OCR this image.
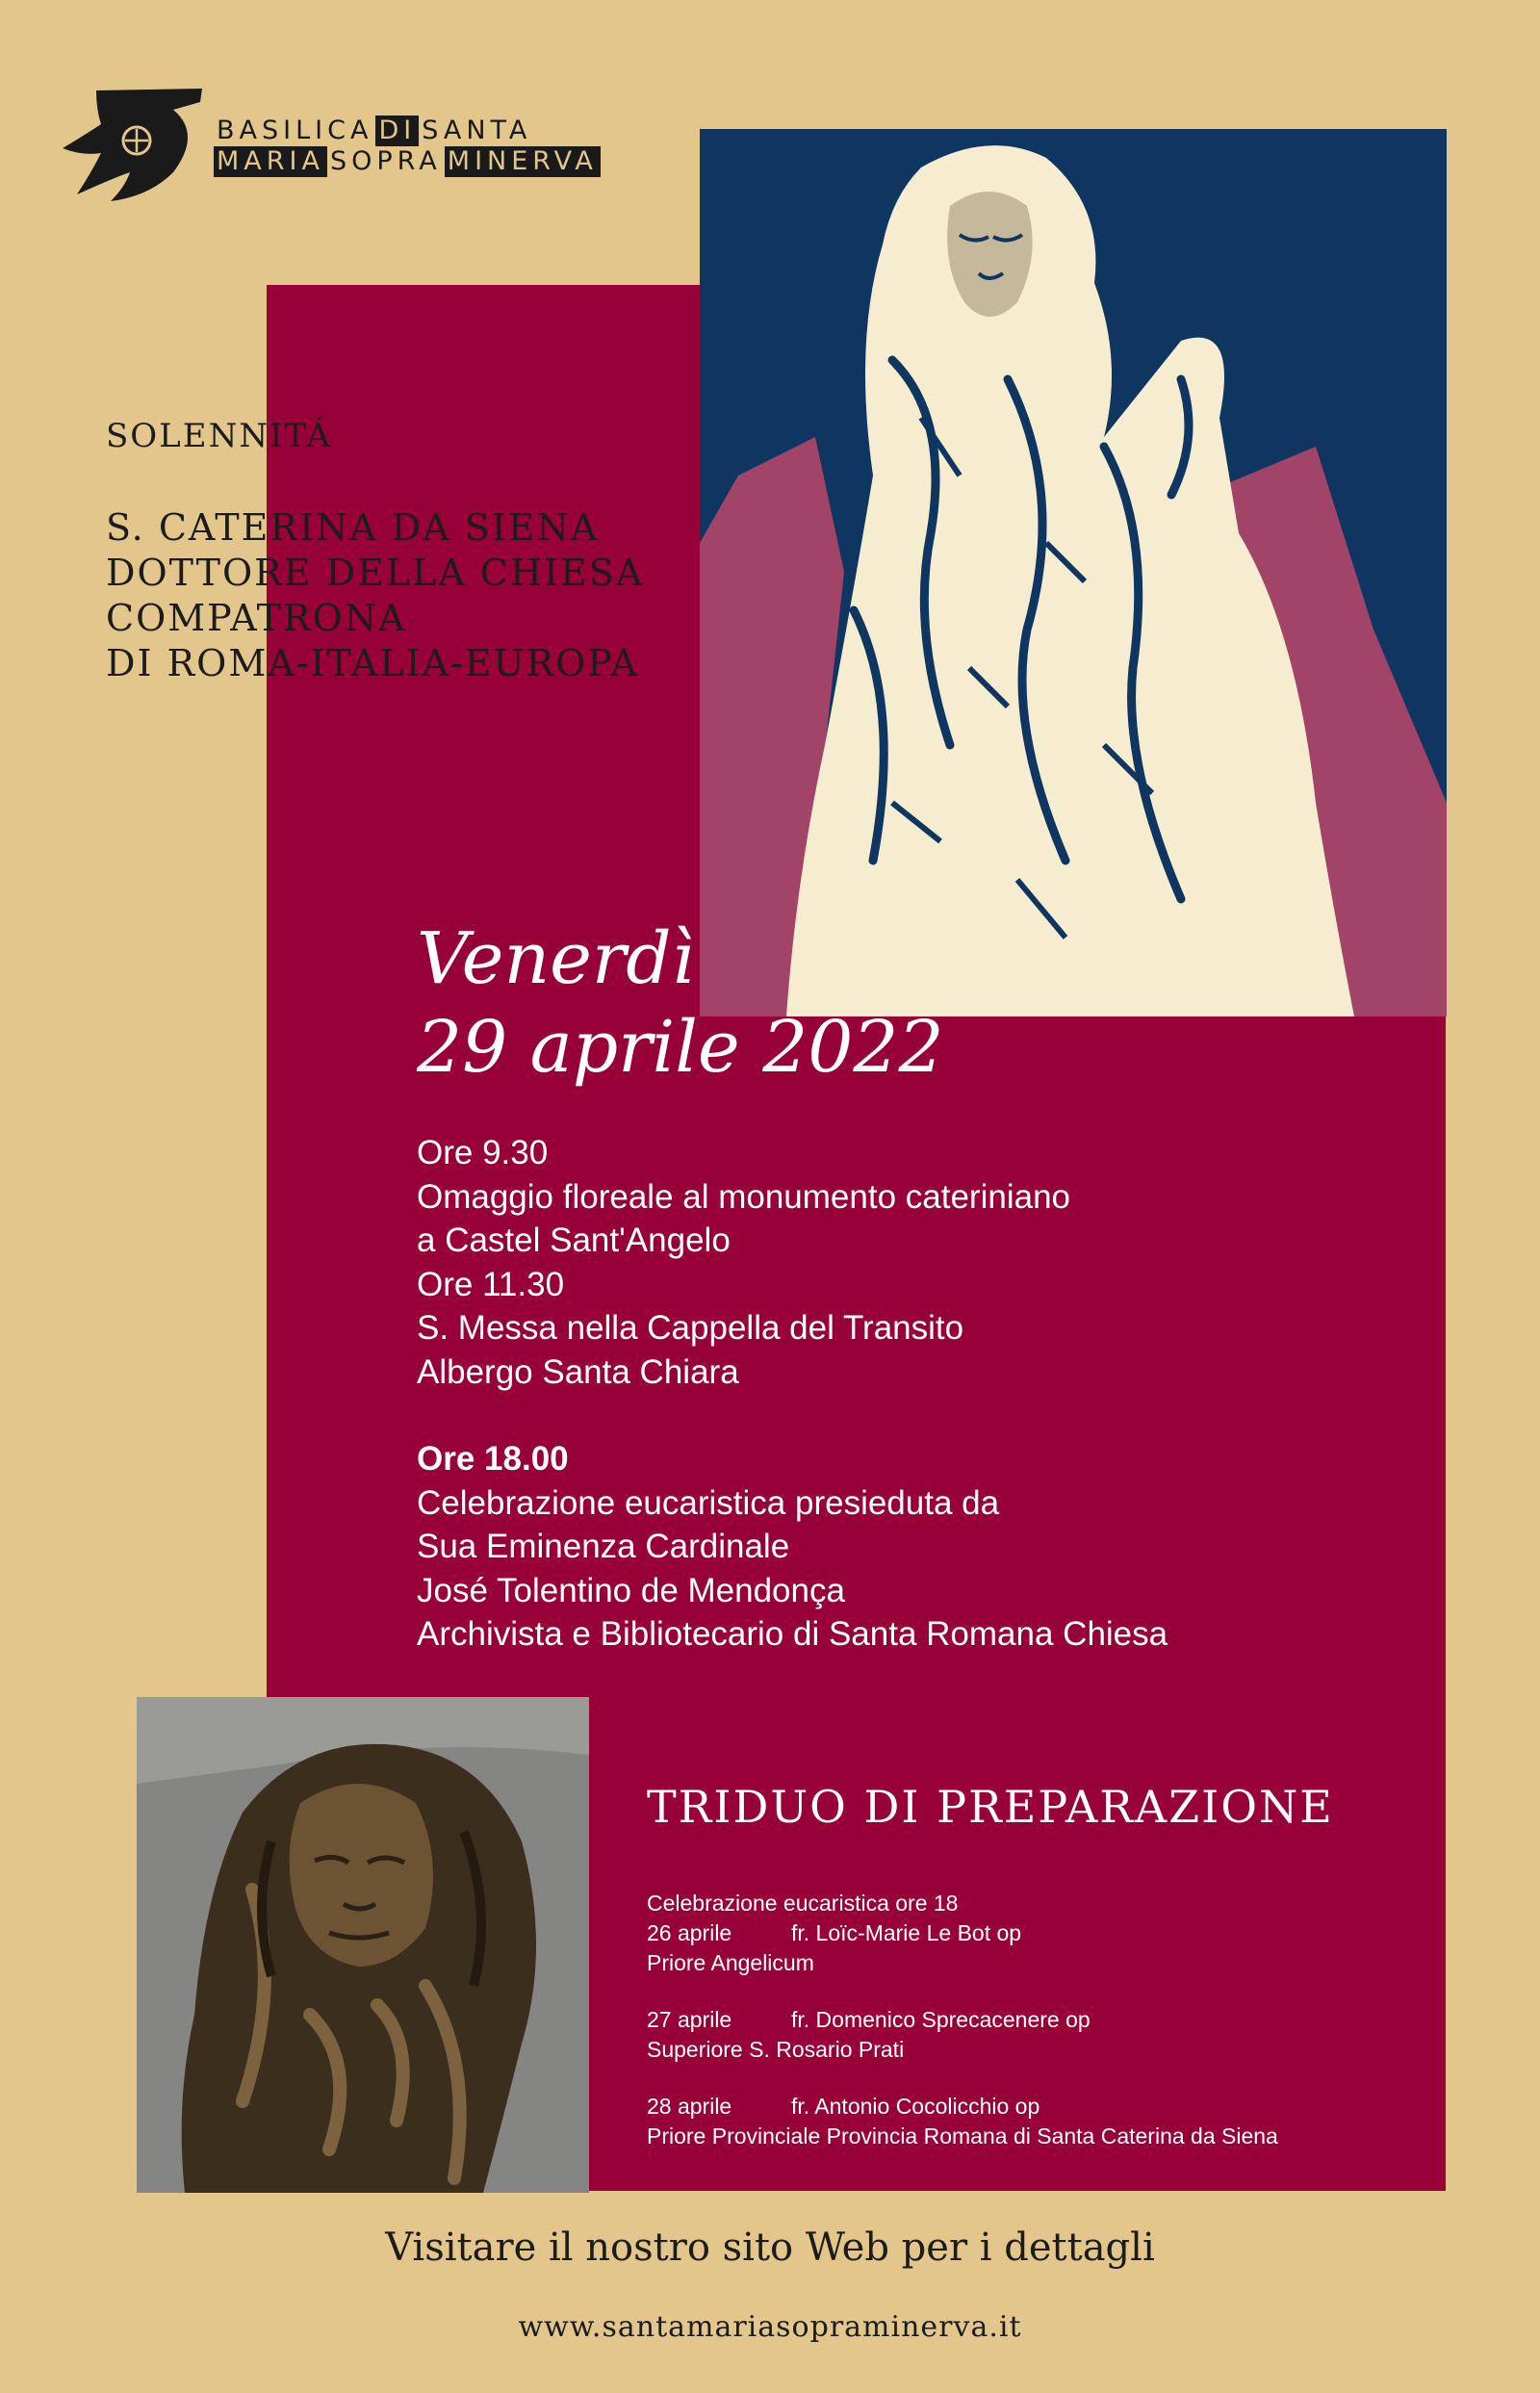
BASILICA DI SANTA
MARIA SOPRA MINERVA
SOLENNITÁ
S. CATERINA DA SIENA
DOTTORE DELLA CHIESA
COMPATRONA
DI ROMA-ITALIA-EUROPA
Venerdì
29 aprile 2022
Ore 9.30
Omaggio floreale al monumento cateriniano
a Castel Sant'Angelo
Ore 11.30
S. Messa nella Cappella del Transito
Albergo Santa Chiara
Ore 18.00
Celebrazione eucaristica presieduta da
Sua Eminenza Cardinale
José Tolentino de Mendonça
Archivista e Bibliotecario di Santa Romana Chiesa
TRIDUO DI PREPARAZIONE
Celebrazione eucaristica ore 18
26 aprile	fr. Loïc-Marie Le Bot op
Priore Angelicum
27 aprile	fr. Domenico Sprecacenere op
Superiore S. Rosario Prati
28 aprile	fr. Antonio Cocolicchio op
Priore Provinciale Provincia Romana di Santa Caterina da Siena
Visitare il nostro sito Web per i dettagli
www.santamariasopraminerva.it
